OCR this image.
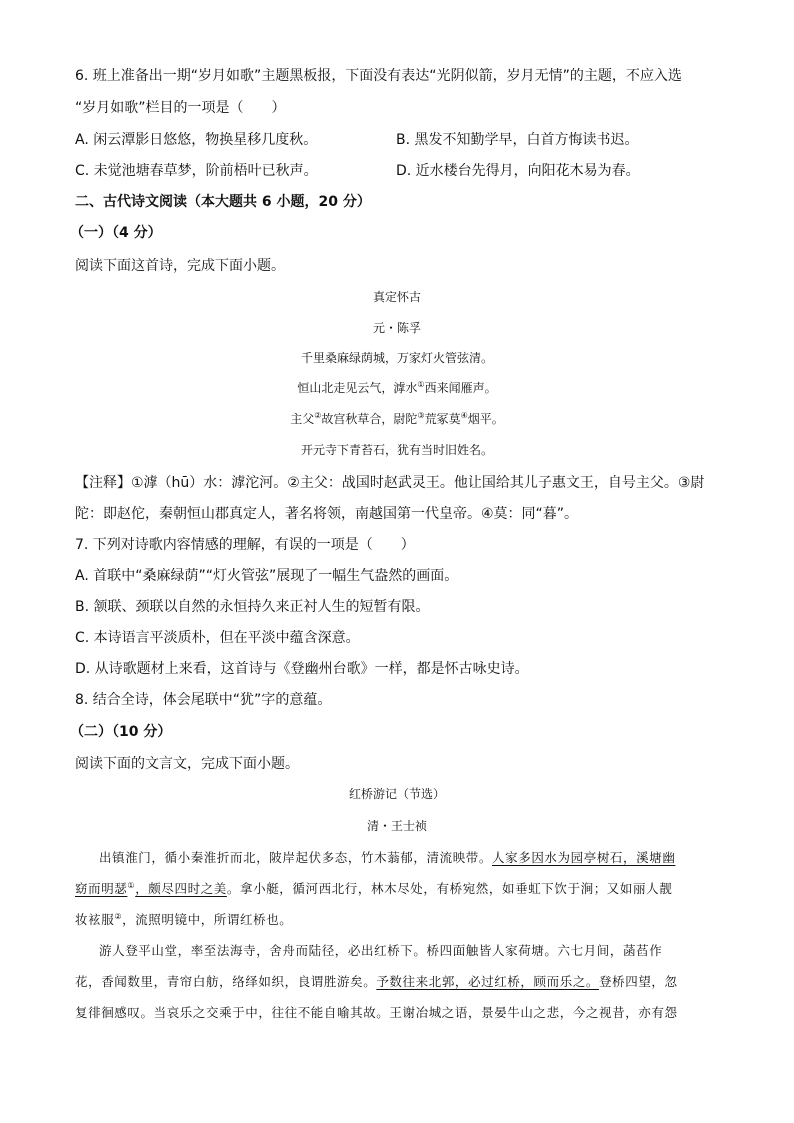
6. 班上准备出一期“岁月如歌”主题黑板报，下面没有表达“光阴似箭，岁月无情”的主题，不应入选
“岁月如歌”栏目的一项是（　　）
A. 闲云潭影日悠悠，物换星移几度秋。	B. 黑发不知勤学早，白首方悔读书迟。
C. 未觉池塘春草梦，阶前梧叶已秋声。	D. 近水楼台先得月，向阳花木易为春。
二、古代诗文阅读（本大题共 6 小题，20 分）
（一）（4 分）
阅读下面这首诗，完成下面小题。
真定怀古
元・陈孚
千里桑麻绿荫城，万家灯火管弦清。
恒山北走见云气，滹水①西来闻雁声。
主父②故宫秋草合，尉陀③荒冢莫④烟平。
开元寺下青苔石，犹有当时旧姓名。
【注释】①滹（hū）水：滹沱河。②主父：战国时赵武灵王。他让国给其儿子惠文王，自号主父。③尉
陀：即赵佗，秦朝恒山郡真定人，著名将领，南越国第一代皇帝。④莫：同“暮”。
7. 下列对诗歌内容情感的理解，有误的一项是（　　）
A. 首联中“桑麻绿荫”“灯火管弦”展现了一幅生气盎然的画面。
B. 颔联、颈联以自然的永恒持久来正衬人生的短暂有限。
C. 本诗语言平淡质朴，但在平淡中蕴含深意。
D. 从诗歌题材上来看，这首诗与《登幽州台歌》一样，都是怀古咏史诗。
8. 结合全诗，体会尾联中“犹”字的意蕴。
（二）（10 分）
阅读下面的文言文，完成下面小题。
红桥游记（节选）
清・王士祯
出镇淮门，循小秦淮折而北，陂岸起伏多态，竹木蓊郁，清流映带。人家多因水为园亭树石，溪塘幽
窈而明瑟①，颇尽四时之美。拿小艇，循河西北行，林木尽处，有桥宛然，如垂虹下饮于涧；又如丽人靓
妆袨服②，流照明镜中，所谓红桥也。
游人登平山堂，率至法海寺，舍舟而陆径，必出红桥下。桥四面触皆人家荷塘。六七月间，菡萏作
花，香闻数里，青帘白舫，络绎如织，良谓胜游矣。予数往来北郭，必过红桥，顾而乐之。登桥四望，忽
复徘徊感叹。当哀乐之交乘于中，往往不能自喻其故。王谢冶城之语，景晏牛山之悲，今之视昔，亦有怨
